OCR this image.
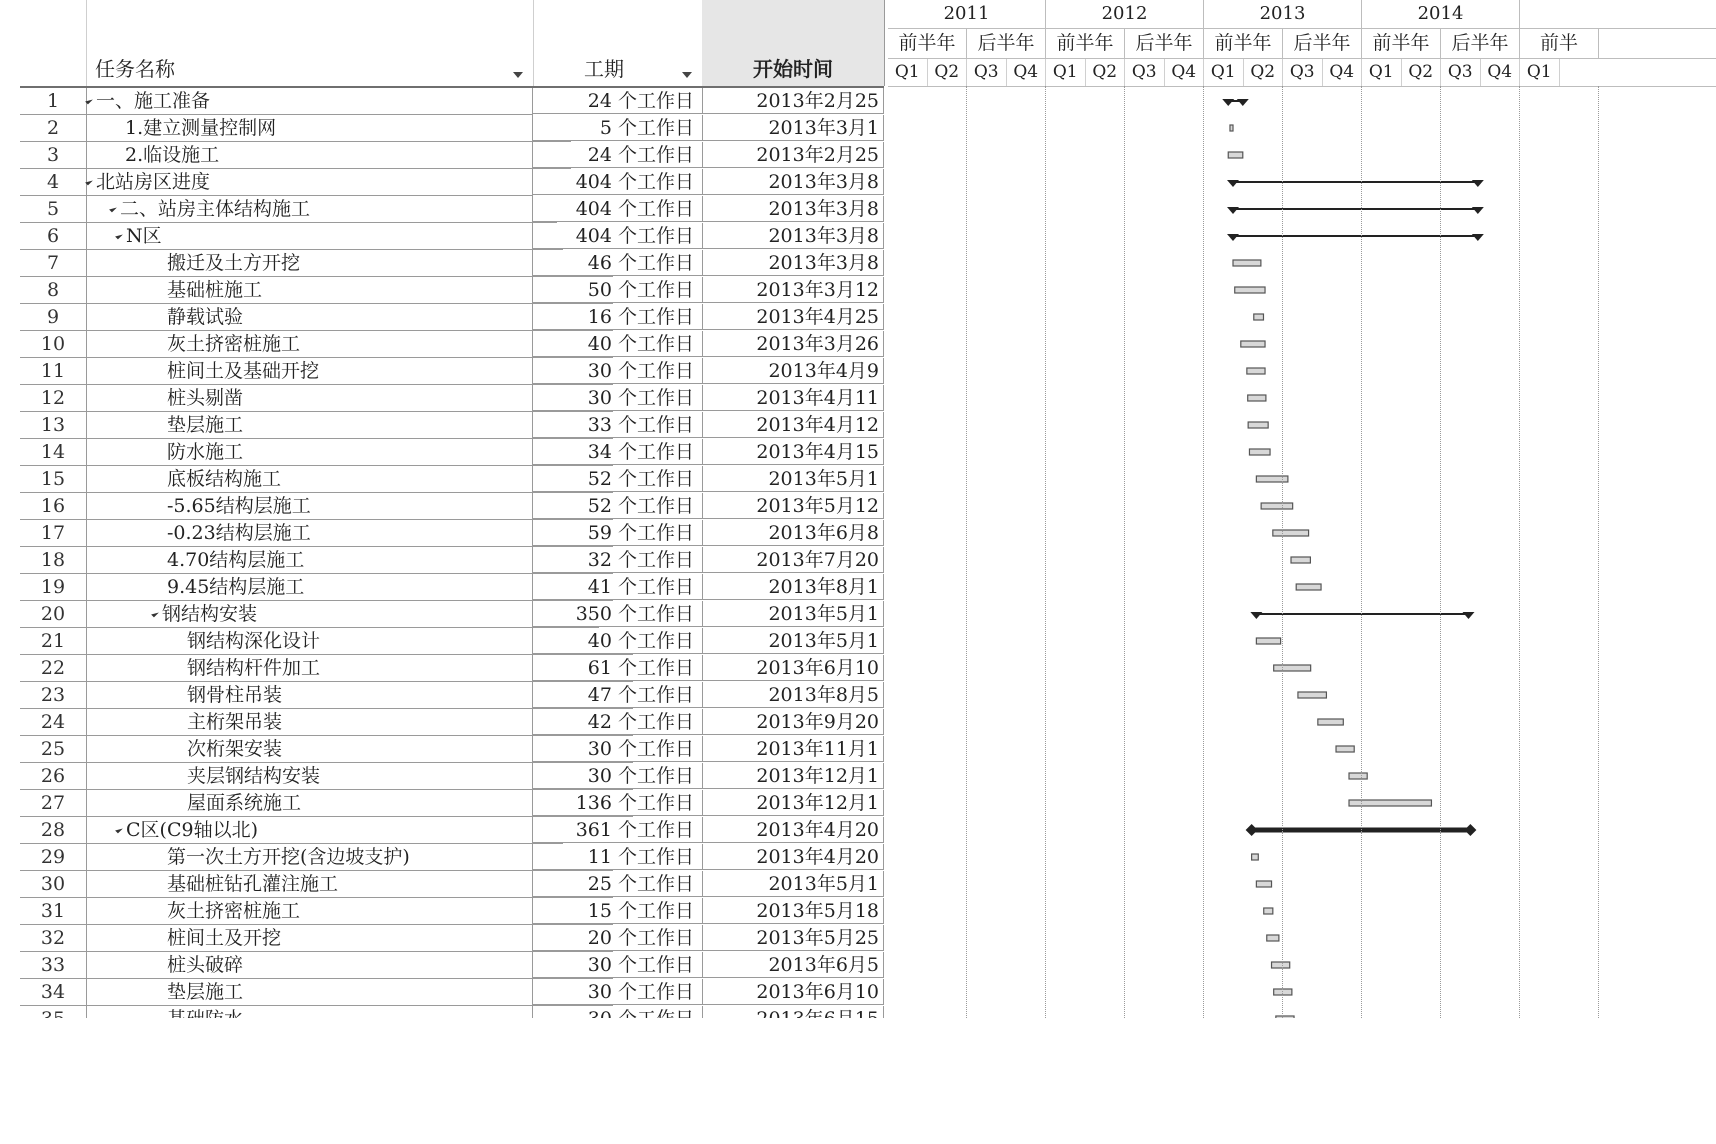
任务名称	工期	开始时间
1	一、施工准备	24 个工作日	2013年2月25
2	1.建立测量控制网	5 个工作日	2013年3月1
3	2.临设施工	24 个工作日	2013年2月25
4	北站房区进度	404 个工作日	2013年3月8
5	二、站房主体结构施工	404 个工作日	2013年3月8
6	N区	404 个工作日	2013年3月8
7	搬迁及土方开挖	46 个工作日	2013年3月8
8	基础桩施工	50 个工作日	2013年3月12
9	静载试验	16 个工作日	2013年4月25
10	灰土挤密桩施工	40 个工作日	2013年3月26
11	桩间土及基础开挖	30 个工作日	2013年4月9
12	桩头剔凿	30 个工作日	2013年4月11
13	垫层施工	33 个工作日	2013年4月12
14	防水施工	34 个工作日	2013年4月15
15	底板结构施工	52 个工作日	2013年5月1
16	-5.65结构层施工	52 个工作日	2013年5月12
17	-0.23结构层施工	59 个工作日	2013年6月8
18	4.70结构层施工	32 个工作日	2013年7月20
19	9.45结构层施工	41 个工作日	2013年8月1
20	钢结构安装	350 个工作日	2013年5月1
21	钢结构深化设计	40 个工作日	2013年5月1
22	钢结构杆件加工	61 个工作日	2013年6月10
23	钢骨柱吊装	47 个工作日	2013年8月5
24	主桁架吊装	42 个工作日	2013年9月20
25	次桁架安装	30 个工作日	2013年11月1
26	夹层钢结构安装	30 个工作日	2013年12月1
27	屋面系统施工	136 个工作日	2013年12月1
28	C区(C9轴以北)	361 个工作日	2013年4月20
29	第一次土方开挖(含边坡支护)	11 个工作日	2013年4月20
30	基础桩钻孔灌注施工	25 个工作日	2013年5月1
31	灰土挤密桩施工	15 个工作日	2013年5月18
32	桩间土及开挖	20 个工作日	2013年5月25
33	桩头破碎	30 个工作日	2013年6月5
34	垫层施工	30 个工作日	2013年6月10
2011	2012	2013	2014
前半年	后半年	前半年	后半年	前半年	后半年	前半年	后半年	前半
Q1 Q2 Q3 Q4 Q1 Q2 Q3 Q4 Q1 Q2 Q3 Q4 Q1 Q2 Q3 Q4 Q1
